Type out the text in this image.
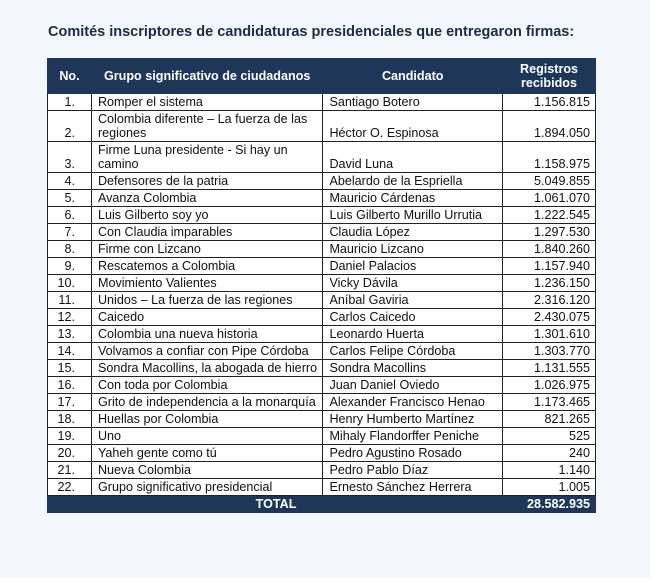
Comités inscriptores de candidaturas presidenciales que entregaron firmas:
No.	Grupo significativo de ciudadanos	Candidato	Registros recibidos
1.	Romper el sistema	Santiago Botero	1.156.815
2.	Colombia diferente – La fuerza de las regiones	Héctor O. Espinosa	1.894.050
3.	Firme Luna presidente - Si hay un camino	David Luna	1.158.975
4.	Defensores de la patria	Abelardo de la Espriella	5.049.855
5.	Avanza Colombia	Mauricio Cárdenas	1.061.070
6.	Luis Gilberto soy yo	Luis Gilberto Murillo Urrutia	1.222.545
7.	Con Claudia imparables	Claudia López	1.297.530
8.	Firme con Lizcano	Mauricio Lizcano	1.840.260
9.	Rescatemos a Colombia	Daniel Palacios	1.157.940
10.	Movimiento Valientes	Vicky Dávila	1.236.150
11.	Unidos – La fuerza de las regiones	Aníbal Gaviria	2.316.120
12.	Caicedo	Carlos Caicedo	2.430.075
13.	Colombia una nueva historia	Leonardo Huerta	1.301.610
14.	Volvamos a confiar con Pipe Córdoba	Carlos Felipe Córdoba	1.303.770
15.	Sondra Macollins, la abogada de hierro	Sondra Macollins	1.131.555
16.	Con toda por Colombia	Juan Daniel Oviedo	1.026.975
17.	Grito de independencia a la monarquía	Alexander Francisco Henao	1.173.465
18.	Huellas por Colombia	Henry Humberto Martínez	821.265
19.	Uno	Mihaly Flandorffer Peniche	525
20.	Yaheh gente como tú	Pedro Agustino Rosado	240
21.	Nueva Colombia	Pedro Pablo Díaz	1.140
22.	Grupo significativo presidencial	Ernesto Sánchez Herrera	1.005
TOTAL			28.582.935
